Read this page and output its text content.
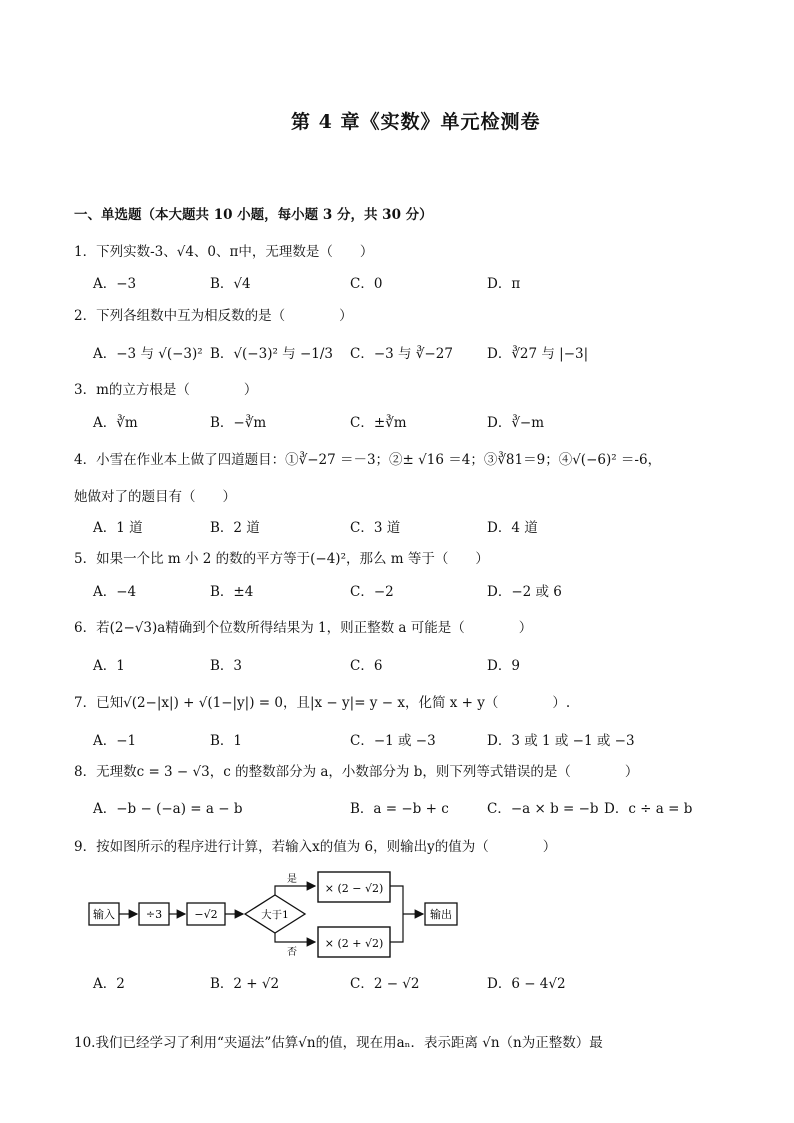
第 4 章《实数》单元检测卷
一、单选题（本大题共 10 小题，每小题 3 分，共 30 分）
1．下列实数-3、√4、0、π中，无理数是（　　）
A．−3	B．√4	C．0	D．π
2．下列各组数中互为相反数的是（　　　　）
A．−3 与 √(−3)² B．√(−3)² 与 −1/3 C．−3 与 ∛−27	D．∛27 与 |−3|
3．m的立方根是（　　　　）
A．∛m	B．−∛m	C．±∛m	D．∛−m
4．小雪在作业本上做了四道题目：①∛−27 ＝－3；②± √16 ＝4；③∛81＝9；④√(−6)² ＝-6，
她做对了的题目有（　　）
A．1 道	B．2 道	C．3 道	D．4 道
5．如果一个比 m 小 2 的数的平方等于(−4)²，那么 m 等于（　　）
A．−4	B．±4	C．−2	D．−2 或 6
6．若(2−√3)a精确到个位数所得结果为 1，则正整数 a 可能是（　　　　）
A．1	B．3	C．6	D．9
7．已知√(2−|x|) + √(1−|y|) = 0，且|x − y|= y − x，化简 x + y（　　　　）.
A．−1	B．1	C．−1 或 −3	D．3 或 1 或 −1 或 −3
8．无理数c = 3 − √3，c 的整数部分为 a，小数部分为 b，则下列等式错误的是（　　　　）
A．−b − (−a) = a − b	B．a = −b + c	C．−a × b = −b D．c ÷ a = b
9．按如图所示的程序进行计算，若输入x的值为 6，则输出y的值为（　　　　）
输入	÷3	−√2	大于1
是
× (2 − √2)
否
× (2 + √2)
输出
A．2	B．2 + √2	C．2 − √2	D．6 − 4√2
10.我们已经学习了利用“夹逼法”估算√n的值，现在用aₙ．表示距离 √n（n为正整数）最
